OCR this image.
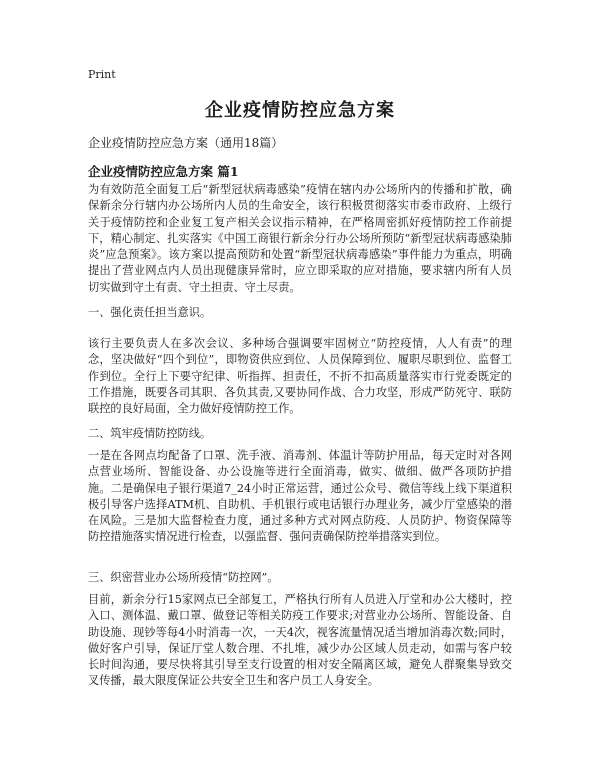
Print
企业疫情防控应急方案

企业疫情防控应急方案（通用18篇）

企业疫情防控应急方案 篇1

为有效防范全面复工后“新型冠状病毒感染”疫情在辖内办公场所内的传播和扩散，确保新余分行辖内办公场所内人员的生命安全，该行积极贯彻落实市委市政府、上级行关于疫情防控和企业复工复产相关会议指示精神，在严格周密抓好疫情防控工作前提下，精心制定、扎实落实《中国工商银行新余分行办公场所预防“新型冠状病毒感染肺炎”应急预案》。该方案以提高预防和处置“新型冠状病毒感染”事件能力为重点，明确提出了营业网点内人员出现健康异常时，应立即采取的应对措施，要求辖内所有人员切实做到守土有责、守土担责、守土尽责。

一、强化责任担当意识。

该行主要负责人在多次会议、多种场合强调要牢固树立“防控疫情，人人有责”的理念，坚决做好“四个到位”，即物资供应到位、人员保障到位、履职尽职到位、监督工作到位。全行上下要守纪律、听指挥、担责任，不折不扣高质量落实市行党委既定的工作措施，既要各司其职、各负其责,又要协同作战、合力攻坚，形成严防死守、联防联控的良好局面，全力做好疫情防控工作。

二、筑牢疫情防控防线。

一是在各网点均配备了口罩、洗手液、消毒剂、体温计等防护用品，每天定时对各网点营业场所、智能设备、办公设施等进行全面消毒，做实、做细、做严各项防护措施。二是确保电子银行渠道7_24小时正常运营，通过公众号、微信等线上线下渠道积极引导客户选择ATM机、自助机、手机银行或电话银行办理业务，减少厅堂感染的潜在风险。三是加大监督检查力度，通过多种方式对网点防疫、人员防护、物资保障等防控措施落实情况进行检查，以强监督、强问责确保防控举措落实到位。

三、织密营业办公场所疫情“防控网”。

目前，新余分行15家网点已全部复工，严格执行所有人员进入厅堂和办公大楼时，控入口、测体温、戴口罩、做登记等相关防疫工作要求;对营业办公场所、智能设备、自助设施、现钞等每4小时消毒一次，一天4次，视客流量情况适当增加消毒次数;同时，做好客户引导，保证厅堂人数合理、不扎堆，减少办公区域人员走动，如需与客户较长时间沟通，要尽快将其引导至支行设置的相对安全隔离区域，避免人群聚集导致交叉传播，最大限度保证公共安全卫生和客户员工人身安全。
